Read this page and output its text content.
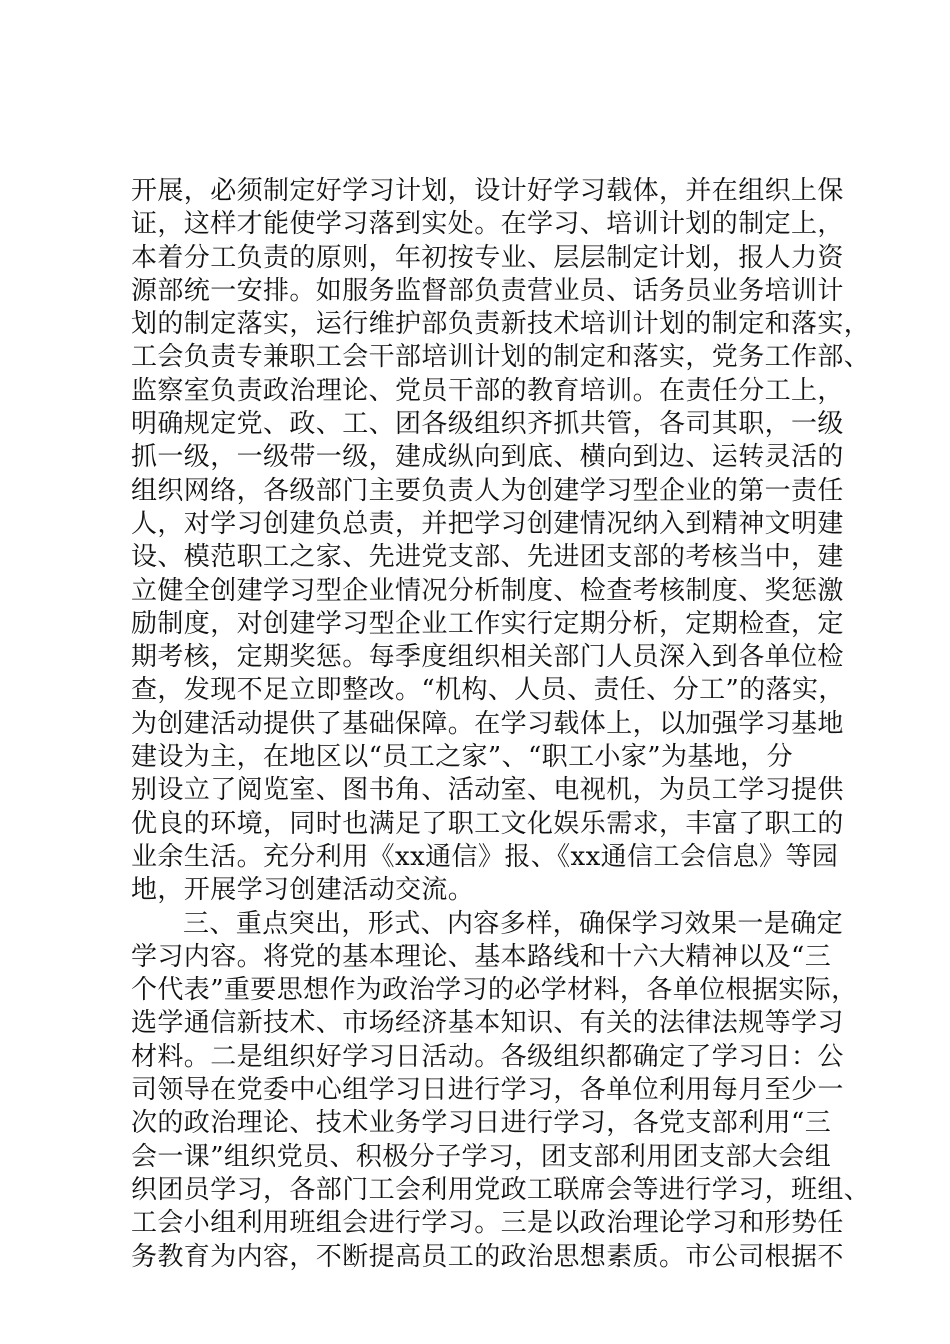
开展，必须制定好学习计划，设计好学习载体，并在组织上保
证，这样才能使学习落到实处。在学习、培训计划的制定上，
本着分工负责的原则，年初按专业、层层制定计划，报人力资
源部统一安排。如服务监督部负责营业员、话务员业务培训计
划的制定落实，运行维护部负责新技术培训计划的制定和落实，
工会负责专兼职工会干部培训计划的制定和落实，党务工作部、
监察室负责政治理论、党员干部的教育培训。在责任分工上，
明确规定党、政、工、团各级组织齐抓共管，各司其职，一级
抓一级，一级带一级，建成纵向到底、横向到边、运转灵活的
组织网络，各级部门主要负责人为创建学习型企业的第一责任
人，对学习创建负总责，并把学习创建情况纳入到精神文明建
设、模范职工之家、先进党支部、先进团支部的考核当中，建
立健全创建学习型企业情况分析制度、检查考核制度、奖惩激
励制度，对创建学习型企业工作实行定期分析，定期检查，定
期考核，定期奖惩。每季度组织相关部门人员深入到各单位检
查，发现不足立即整改。“机构、人员、责任、分工”的落实，
为创建活动提供了基础保障。在学习载体上，以加强学习基地
建设为主，在地区以“员工之家”、“职工小家”为基地，分
别设立了阅览室、图书角、活动室、电视机，为员工学习提供
优良的环境，同时也满足了职工文化娱乐需求，丰富了职工的
业余生活。充分利用《xx通信》报、《xx通信工会信息》等园
地，开展学习创建活动交流。
三、重点突出，形式、内容多样，确保学习效果一是确定
学习内容。将党的基本理论、基本路线和十六大精神以及“三
个代表”重要思想作为政治学习的必学材料，各单位根据实际，
选学通信新技术、市场经济基本知识、有关的法律法规等学习
材料。二是组织好学习日活动。各级组织都确定了学习日：公
司领导在党委中心组学习日进行学习，各单位利用每月至少一
次的政治理论、技术业务学习日进行学习，各党支部利用“三
会一课”组织党员、积极分子学习，团支部利用团支部大会组
织团员学习，各部门工会利用党政工联席会等进行学习，班组、
工会小组利用班组会进行学习。三是以政治理论学习和形势任
务教育为内容，不断提高员工的政治思想素质。市公司根据不
